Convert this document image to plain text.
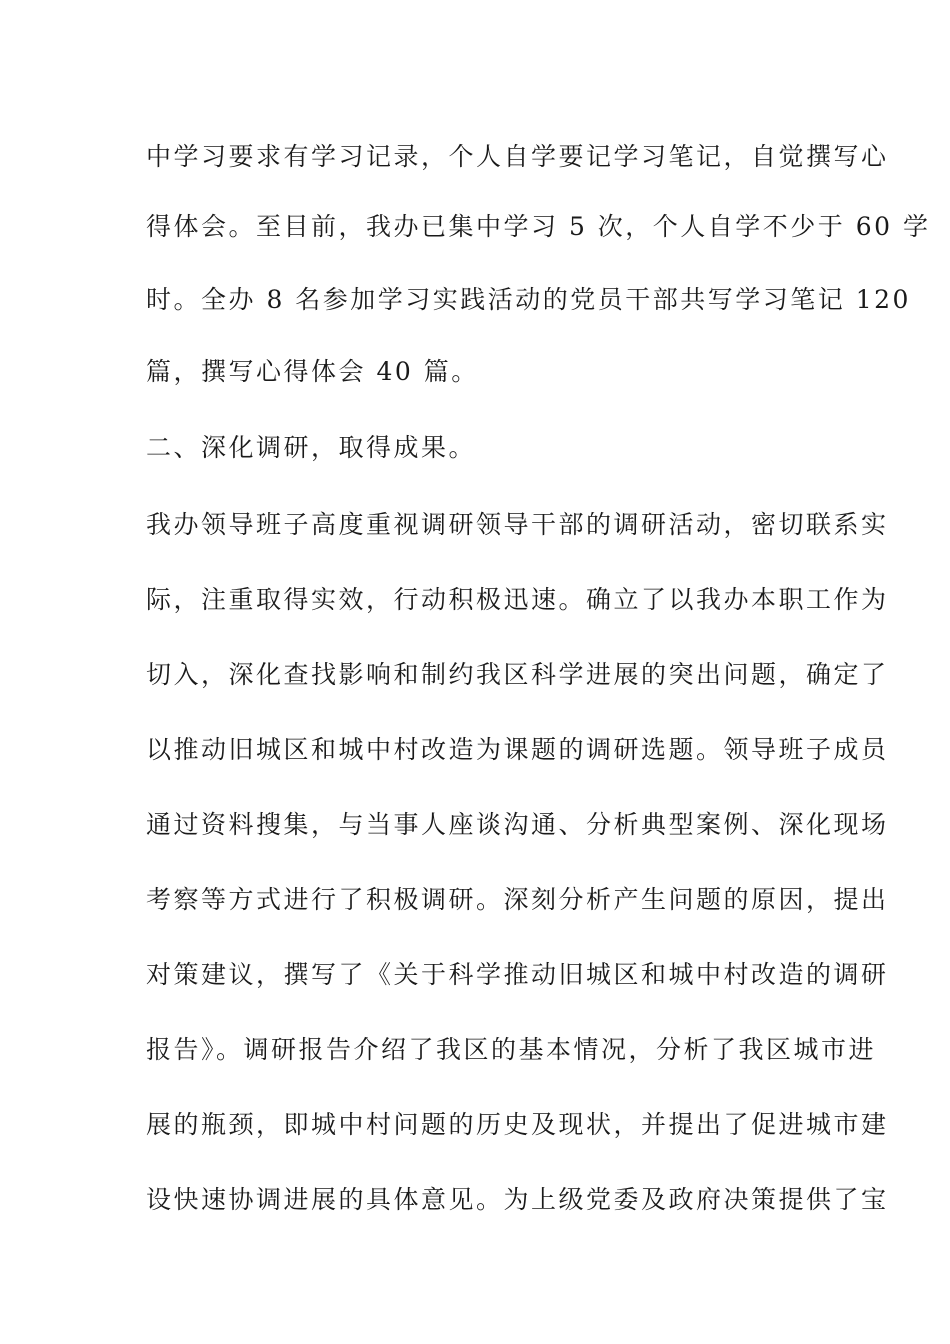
中学习要求有学习记录，个人自学要记学习笔记，自觉撰写心
得体会。至目前，我办已集中学习 5 次，个人自学不少于 60 学
时。全办 8 名参加学习实践活动的党员干部共写学习笔记 120
篇，撰写心得体会 40 篇。
二、深化调研，取得成果。
我办领导班子高度重视调研领导干部的调研活动，密切联系实
际，注重取得实效，行动积极迅速。确立了以我办本职工作为
切入，深化查找影响和制约我区科学进展的突出问题，确定了
以推动旧城区和城中村改造为课题的调研选题。领导班子成员
通过资料搜集，与当事人座谈沟通、分析典型案例、深化现场
考察等方式进行了积极调研。深刻分析产生问题的原因，提出
对策建议，撰写了《关于科学推动旧城区和城中村改造的调研
报告》。调研报告介绍了我区的基本情况，分析了我区城市进
展的瓶颈，即城中村问题的历史及现状，并提出了促进城市建
设快速协调进展的具体意见。为上级党委及政府决策提供了宝
